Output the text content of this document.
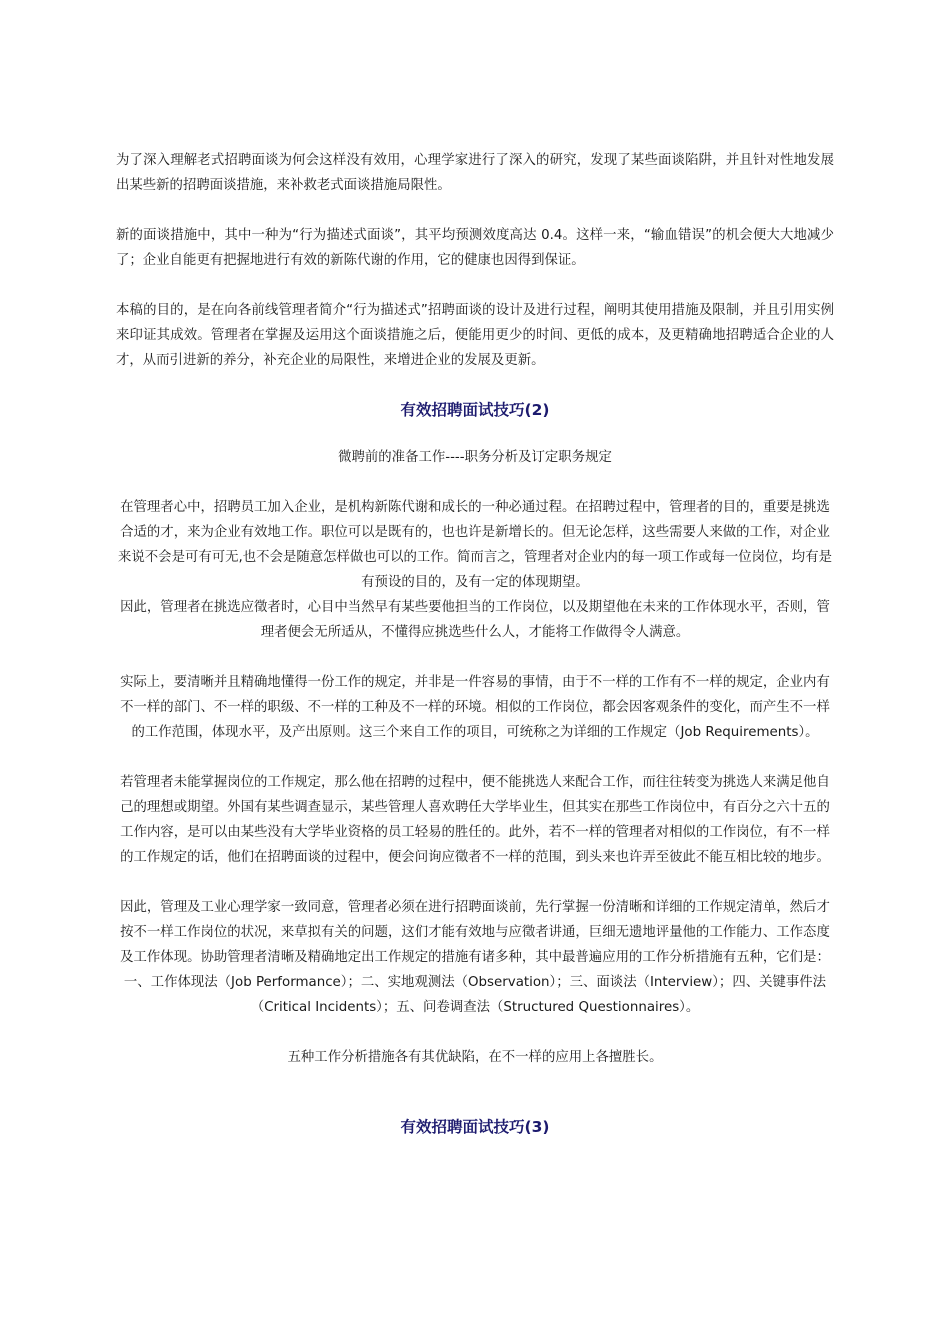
为了深入理解老式招聘面谈为何会这样没有效用，心理学家进行了深入的研究，发现了某些面谈陷阱，并且针对性地发展出某些新的招聘面谈措施，来补救老式面谈措施局限性。

新的面谈措施中，其中一种为“行为描述式面谈”，其平均预测效度高达 0.4。这样一来，“输血错误”的机会便大大地减少了；企业自能更有把握地进行有效的新陈代谢的作用，它的健康也因得到保证。

本稿的目的，是在向各前线管理者简介“行为描述式”招聘面谈的设计及进行过程，阐明其使用措施及限制，并且引用实例来印证其成效。管理者在掌握及运用这个面谈措施之后，便能用更少的时间、更低的成本，及更精确地招聘适合企业的人才，从而引进新的养分，补充企业的局限性，来增进企业的发展及更新。

有效招聘面试技巧(2)

微聘前的准备工作----职务分析及订定职务规定

在管理者心中，招聘员工加入企业，是机构新陈代谢和成长的一种必通过程。在招聘过程中，管理者的目的，重要是挑选合适的才，来为企业有效地工作。职位可以是既有的，也也许是新增长的。但无论怎样，这些需要人来做的工作，对企业来说不会是可有可无,也不会是随意怎样做也可以的工作。简而言之，管理者对企业内的每一项工作或每一位岗位，均有是有预设的目的，及有一定的体现期望。

因此，管理者在挑选应徵者时，心目中当然早有某些要他担当的工作岗位，以及期望他在未来的工作体现水平，否则，管理者便会无所适从，不懂得应挑选些什么人，才能将工作做得令人满意。

实际上，要清晰并且精确地懂得一份工作的规定，并非是一件容易的事情，由于不一样的工作有不一样的规定，企业内有不一样的部门、不一样的职级、不一样的工种及不一样的环境。相似的工作岗位，都会因客观条件的变化，而产生不一样的工作范围，体现水平，及产出原则。这三个来自工作的项目，可统称之为详细的工作规定（Job Requirements）。

若管理者未能掌握岗位的工作规定，那么他在招聘的过程中，便不能挑选人来配合工作，而往往转变为挑选人来满足他自己的理想或期望。外国有某些调查显示，某些管理人喜欢聘任大学毕业生，但其实在那些工作岗位中，有百分之六十五的工作内容，是可以由某些没有大学毕业资格的员工轻易的胜任的。此外，若不一样的管理者对相似的工作岗位，有不一样的工作规定的话，他们在招聘面谈的过程中，便会问询应徵者不一样的范围，到头来也许弄至彼此不能互相比较的地步。

因此，管理及工业心理学家一致同意，管理者必须在进行招聘面谈前，先行掌握一份清晰和详细的工作规定清单，然后才按不一样工作岗位的状况，来草拟有关的问题，这们才能有效地与应徵者讲通，巨细无遗地评量他的工作能力、工作态度及工作体现。协助管理者清晰及精确地定出工作规定的措施有诸多种，其中最普遍应用的工作分析措施有五种，它们是：一、工作体现法（Job Performance）；二、实地观测法（Observation）；三、面谈法（Interview）；四、关键事件法（Critical Incidents）；五、问卷调查法（Structured Questionnaires）。

五种工作分析措施各有其优缺陷，在不一样的应用上各擅胜长。

有效招聘面试技巧(3)
